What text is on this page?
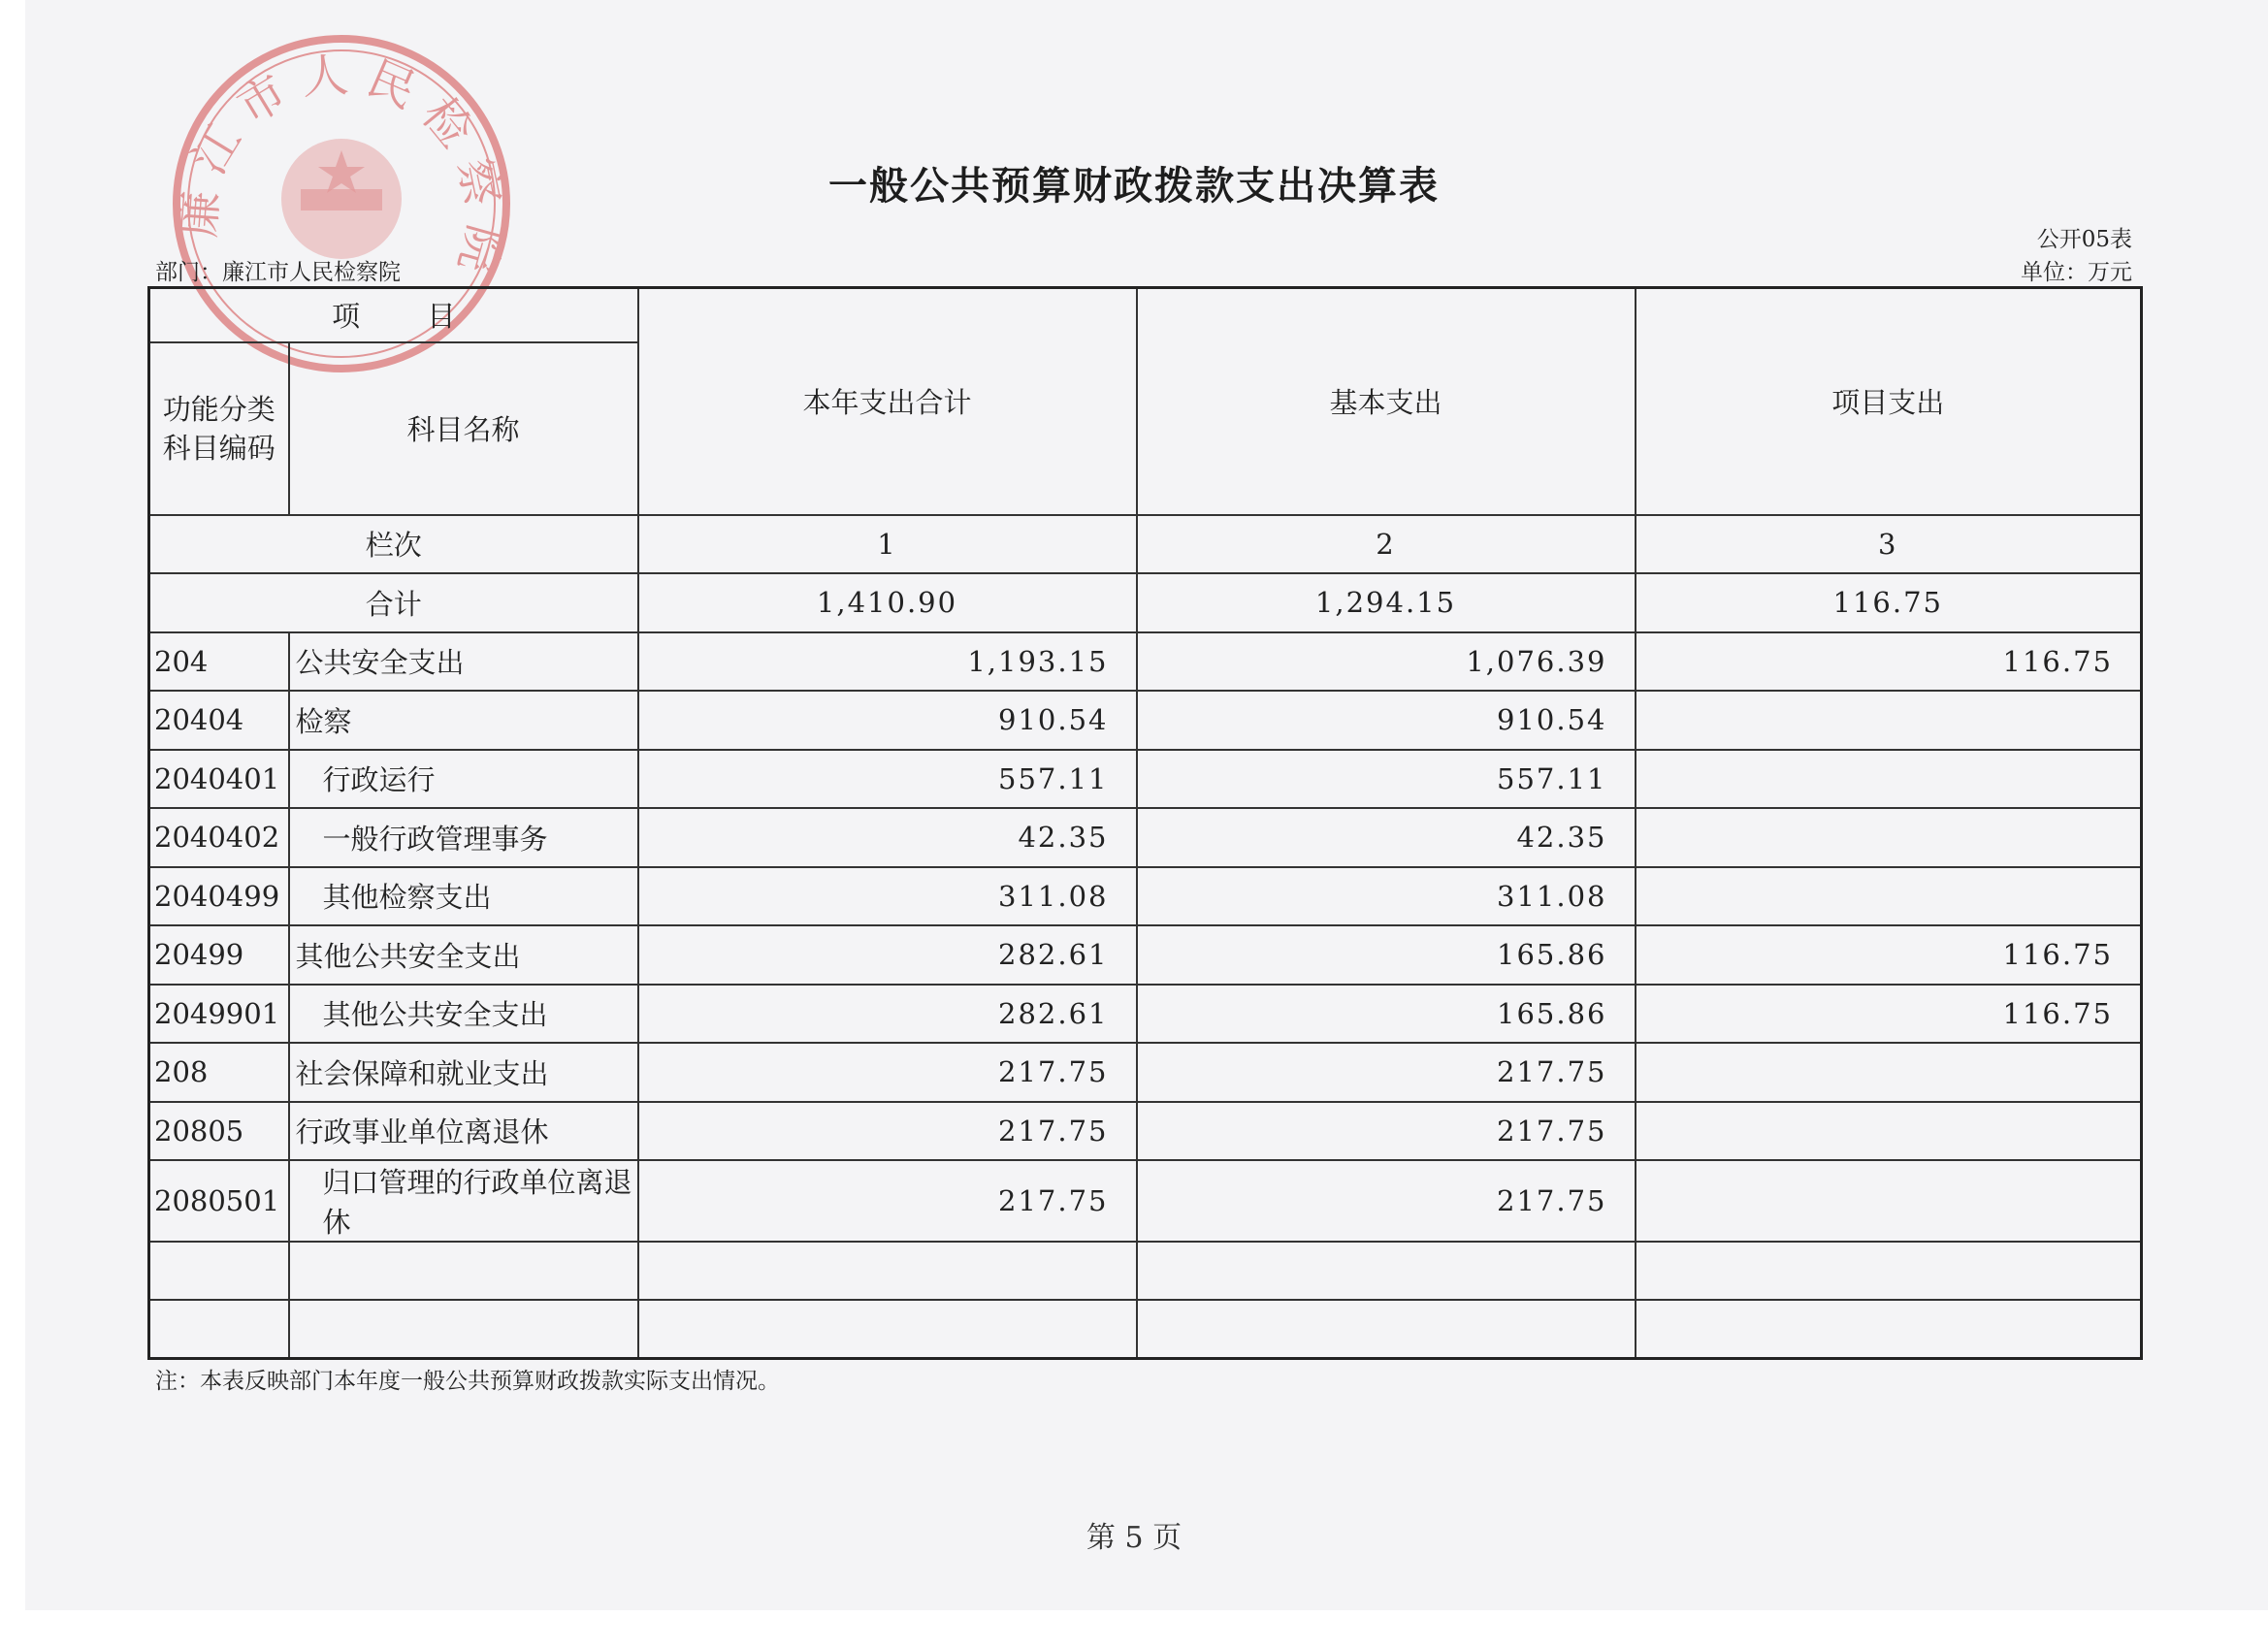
廉江市人民检察院
一般公共预算财政拨款支出决算表
公开05表
单位：万元
部门：廉江市人民检察院
项 目		本年支出合计	基本支出	项目支出

功能分类
科目编码	科目名称			
栏次		1	2	3
合计		1,410.90	1,294.15	116.75
204	公共安全支出	1,193.15	1,076.39	116.75
20404	检察	910.54	910.54	
2040401	行政运行	557.11	557.11	
2040402	一般行政管理事务	42.35	42.35	
2040499	其他检察支出	311.08	311.08	
20499	其他公共安全支出	282.61	165.86	116.75
2049901	其他公共安全支出	282.61	165.86	116.75
208	社会保障和就业支出	217.75	217.75	
20805	行政事业单位离退休	217.75	217.75	
2080501	归口管理的行政单位离退休	217.75	217.75	

注：本表反映部门本年度一般公共预算财政拨款实际支出情况。
第 5 页
